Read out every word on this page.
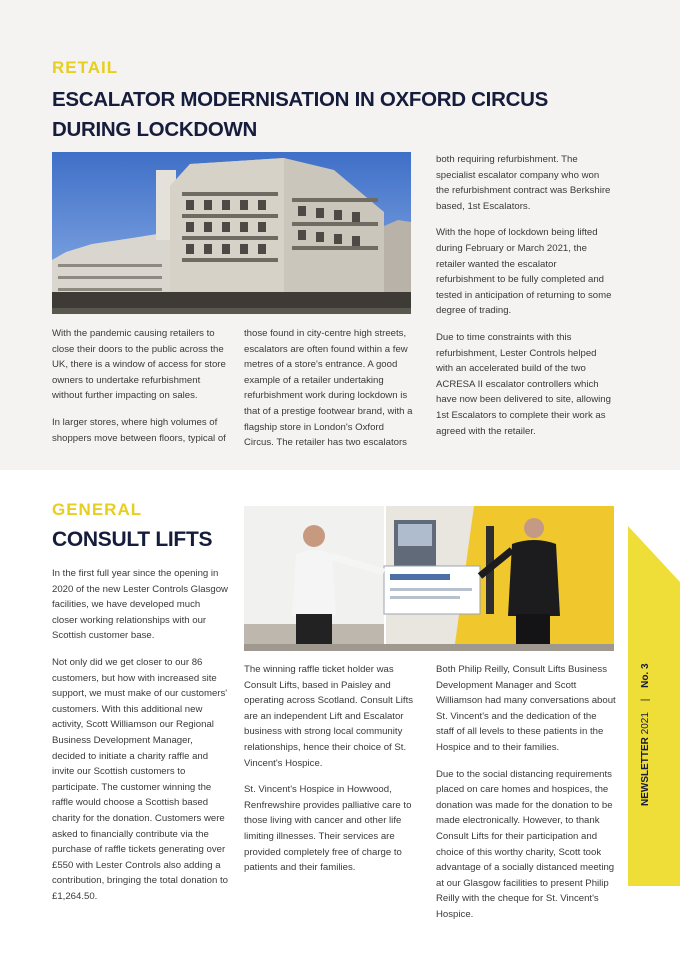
RETAIL
ESCALATOR MODERNISATION IN OXFORD CIRCUS
DURING LOCKDOWN

With the pandemic causing retailers to close their doors to the public across the UK, there is a window of access for store owners to undertake refurbishment without further impacting on sales.

In larger stores, where high volumes of shoppers move between floors, typical of

those found in city-centre high streets, escalators are often found within a few metres of a store's entrance. A good example of a retailer undertaking refurbishment work during lockdown is that of a prestige footwear brand, with a flagship store in London's Oxford Circus. The retailer has two escalators

both requiring refurbishment. The specialist escalator company who won the refurbishment contract was Berkshire based, 1st Escalators.

With the hope of lockdown being lifted during February or March 2021, the retailer wanted the escalator refurbishment to be fully completed and tested in anticipation of returning to some degree of trading.

Due to time constraints with this refurbishment, Lester Controls helped with an accelerated build of the two ACRESA II escalator controllers which have now been delivered to site, allowing 1st Escalators to complete their work as agreed with the retailer.

GENERAL
CONSULT LIFTS

In the first full year since the opening in 2020 of the new Lester Controls Glasgow facilities, we have developed much closer working relationships with our Scottish customer base.

Not only did we get closer to our 86 customers, but how with increased site support, we must make of our customers' customers. With this additional new activity, Scott Williamson our Regional Business Development Manager, decided to initiate a charity raffle and invite our Scottish customers to participate. The customer winning the raffle would choose a Scottish based charity for the donation. Customers were asked to financially contribute via the purchase of raffle tickets generating over £550 with Lester Controls also adding a contribution, bringing the total donation to £1,264.50.

The winning raffle ticket holder was Consult Lifts, based in Paisley and operating across Scotland. Consult Lifts are an independent Lift and Escalator business with strong local community relationships, hence their choice of St. Vincent's Hospice.

St. Vincent's Hospice in Howwood, Renfrewshire provides palliative care to those living with cancer and other life limiting illnesses. Their services are provided completely free of charge to patients and their families.

Both Philip Reilly, Consult Lifts Business Development Manager and Scott Williamson had many conversations about St. Vincent's and the dedication of the staff of all levels to these patients in the Hospice and to their families.

Due to the social distancing requirements placed on care homes and hospices, the donation was made for the donation to be made electronically. However, to thank Consult Lifts for their participation and choice of this worthy charity, Scott took advantage of a socially distanced meeting at our Glasgow facilities to present Philip Reilly with the cheque for St. Vincent's Hospice.

NEWSLETTER 2021 | No. 3
